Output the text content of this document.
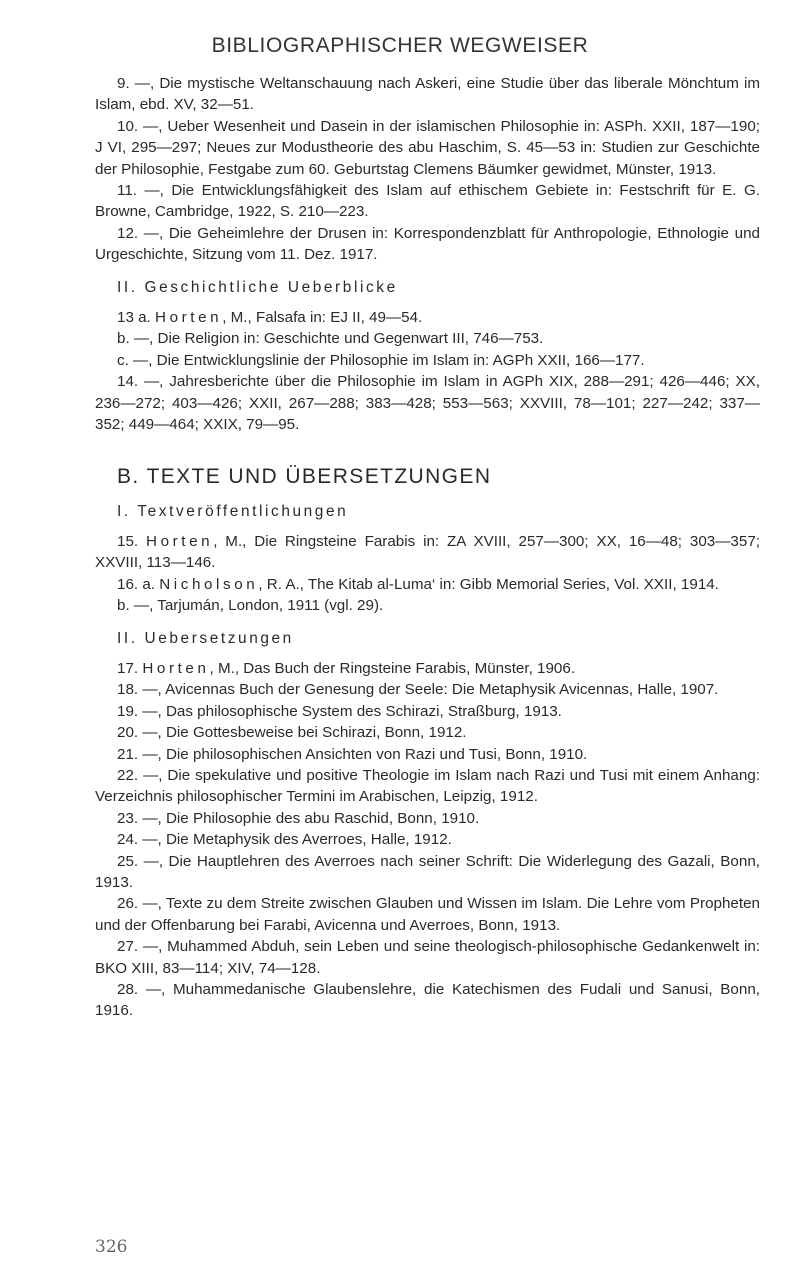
BIBLIOGRAPHISCHER WEGWEISER

9. —, Die mystische Weltanschauung nach Askeri, eine Studie über das liberale Mönchtum im Islam, ebd. XV, 32—51.

10. —, Ueber Wesenheit und Dasein in der islamischen Philosophie in: ASPh. XXII, 187—190; J VI, 295—297; Neues zur Modustheorie des abu Haschim, S. 45—53 in: Studien zur Geschichte der Philosophie, Festgabe zum 60. Geburtstag Clemens Bäumker gewidmet, Münster, 1913.

11. —, Die Entwicklungsfähigkeit des Islam auf ethischem Gebiete in: Festschrift für E. G. Browne, Cambridge, 1922, S. 210—223.

12. —, Die Geheimlehre der Drusen in: Korrespondenzblatt für Anthropologie, Ethnologie und Urgeschichte, Sitzung vom 11. Dez. 1917.

II. Geschichtliche Ueberblicke

13 a. Horten, M., Falsafa in: EJ II, 49—54.

b. —, Die Religion in: Geschichte und Gegenwart III, 746—753.

c. —, Die Entwicklungslinie der Philosophie im Islam in: AGPh XXII, 166—177.

14. —, Jahresberichte über die Philosophie im Islam in AGPh XIX, 288—291; 426—446; XX, 236—272; 403—426; XXII, 267—288; 383—428; 553—563; XXVIII, 78—101; 227—242; 337—352; 449—464; XXIX, 79—95.

B. TEXTE UND ÜBERSETZUNGEN

I. Textveröffentlichungen

15. Horten, M., Die Ringsteine Farabis in: ZA XVIII, 257—300; XX, 16—48; 303—357; XXVIII, 113—146.

16. a. Nicholson, R. A., The Kitab al-Luma‘ in: Gibb Memorial Series, Vol. XXII, 1914.

b. —, Tarjumán, London, 1911 (vgl. 29).

II. Uebersetzungen

17. Horten, M., Das Buch der Ringsteine Farabis, Münster, 1906.

18. —, Avicennas Buch der Genesung der Seele: Die Metaphysik Avicennas, Halle, 1907.

19. —, Das philosophische System des Schirazi, Straßburg, 1913.

20. —, Die Gottesbeweise bei Schirazi, Bonn, 1912.

21. —, Die philosophischen Ansichten von Razi und Tusi, Bonn, 1910.

22. —, Die spekulative und positive Theologie im Islam nach Razi und Tusi mit einem Anhang: Verzeichnis philosophischer Termini im Arabischen, Leipzig, 1912.

23. —, Die Philosophie des abu Raschid, Bonn, 1910.

24. —, Die Metaphysik des Averroes, Halle, 1912.

25. —, Die Hauptlehren des Averroes nach seiner Schrift: Die Widerlegung des Gazali, Bonn, 1913.

26. —, Texte zu dem Streite zwischen Glauben und Wissen im Islam. Die Lehre vom Propheten und der Offenbarung bei Farabi, Avicenna und Averroes, Bonn, 1913.

27. —, Muhammed Abduh, sein Leben und seine theologisch-philosophische Gedankenwelt in: BKO XIII, 83—114; XIV, 74—128.

28. —, Muhammedanische Glaubenslehre, die Katechismen des Fudali und Sanusi, Bonn, 1916.

326
